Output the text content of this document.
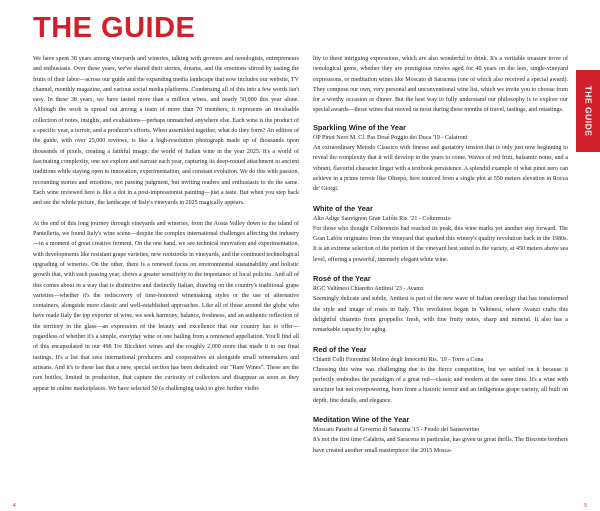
THE GUIDE

We have spent 38 years among vineyards and wineries, talking with growers and oenologists, entrepreneurs and enthusiasts. Over these years, we've shared their stories, dreams, and the emotions stirred by tasting the fruits of their labor—across our guide and the expanding media landscape that now includes our website, TV channel, monthly magazine, and various social media platforms. Condensing all of this into a few words isn't easy. In these 38 years, we have tasted more than a million wines, and nearly 50,000 this year alone. Although the work is spread out among a team of more than 70 members, it represents an invaluable collection of notes, insights, and evaluations—perhaps unmatched anywhere else. Each wine is the product of a specific year, a terroir, and a producer's efforts. When assembled together, what do they form? An edition of the guide, with over 25,000 reviews, is like a high-resolution photograph made up of thousands upon thousands of pixels, creating a faithful image: the world of Italian wine in the year 2025. It's a world of fascinating complexity, one we explore and narrate each year, capturing its deep-rooted attachment to ancient traditions while staying open to innovation, experimentation, and constant evolution. We do this with passion, recounting stories and emotions, not passing judgment, but inviting readers and enthusiasts to do the same. Each wine reviewed here is like a dot in a post-impressionist painting—just a taste. But when you step back and see the whole picture, the landscape of Italy's vineyards in 2025 magically appears.

At the end of this long journey through vineyards and wineries, from the Aosta Valley down to the island of Pantelleria, we found Italy's wine scene—despite the complex international challenges affecting the industry—in a moment of great creative ferment. On the one hand, we see technical innovation and experimentation, with developments like resistant grape varieties, new rootstocks in vineyards, and the continued technological upgrading of wineries. On the other, there is a renewed focus on environmental sustainability and holistic growth that, with each passing year, shows a greater sensitivity to the importance of local policies. And all of this comes about in a way that is distinctive and distinctly Italian, drawing on the country's traditional grape varieties—whether it's the rediscovery of time-honored winemaking styles or the use of alternative containers, alongside more classic and well-established approaches. Like all of those around the globe who have made Italy the top exporter of wine, we seek harmony, balance, freshness, and an authentic reflection of the territory in the glass—an expression of the beauty and excellence that our country has to offer—regardless of whether it's a simple, everyday wine or one hailing from a renowned appellation. You'll find all of this encapsulated in our 498 Tre Bicchieri wines and the roughly 2,000 more that made it to our final tastings. It's a list that sees international producers and cooperatives sit alongside small winemakers and artisans. And it's to these last that a new, special section has been dedicated: our "Rare Wines". These are the rare bottles, limited in production, that capture the curiosity of collectors and disappear as soon as they appear in online marketplaces. We have selected 50 (a challenging task) to give further visibi-

lity to these intriguing expressions, which are also wonderful to drink. It's a veritable treasure trove of oenological gems, whether they are prestigious cuvées aged for 40 years on the lees, single-vineyard expressions, or meditation wines like Moscato di Saracena (one of which also received a special award). They compose our own, very personal and unconventional wine list, which we invite you to choose from for a worthy occasion or dinner. But the best way to fully understand our philosophy is to explore our special awards—those wines that moved us most during these months of travel, tastings, and retastings.

Sparkling Wine of the Year

OP Pinot Nero M. Cl. Pas Dosé Poggio dei Duca '19 - Calatroni

An extraordinary Metodo Classico with finesse and gustatory tension that is only just now beginning to reveal the complexity that it will develop in the years to come. Waves of red fruit, balsamic notes, and a vibrant, flavorful character linger with a textbook persistence. A splendid example of what pinot nero can achieve in a prime terroir like Oltrepò, here sourced from a single plot at 550 meters elevation in Rocca de' Giorgi.

White of the Year

Alto Adige Sauvignon Gran Lafóis Ris. '21 - Colterenzio

For those who thought Colterenzio had reached its peak, this wine marks yet another step forward. The Gran Lafóis originates from the vineyard that sparked this winery's quality revolution back in the 1980s. It is an extreme selection of the portion of the vineyard best suited to the variety, at 450 meters above sea level, offering a powerful, intensely elegant white wine.

Rosé of the Year

RGC Valtènesi Chiaretto Antitesi '23 - Avanzi

Seemingly delicate and subtle, Antitesi is part of the new wave of Italian oenology that has transformed the style and image of rosés in Italy. This revolution began in Valtènesi, where Avanzi crafts this delightful chiaretto from groppello: fresh, with fine fruity notes, sharp and mineral. It also has a remarkable capacity for aging.

Red of the Year

Chianti Colli Fiorentini Molino degli Innocenti Ris. '19 - Torre a Cona

Choosing this wine was challenging due to the fierce competition, but we settled on it because it perfectly embodies the paradigm of a great red—classic and modern at the same time. It's a wine with structure but not overpowering, born from a historic terroir and an indigenous grape variety, all built on depth, fine details, and elegance.

Meditation Wine of the Year

Moscato Passito al Governo di Saracena '15 - Feudo dei Sanseverino

It's not the first time Calabria, and Saracena in particular, has given us great thrills. The Bisconte brothers have created another small masterpiece: the 2015 Mosca-

THE GUIDE
4	5
